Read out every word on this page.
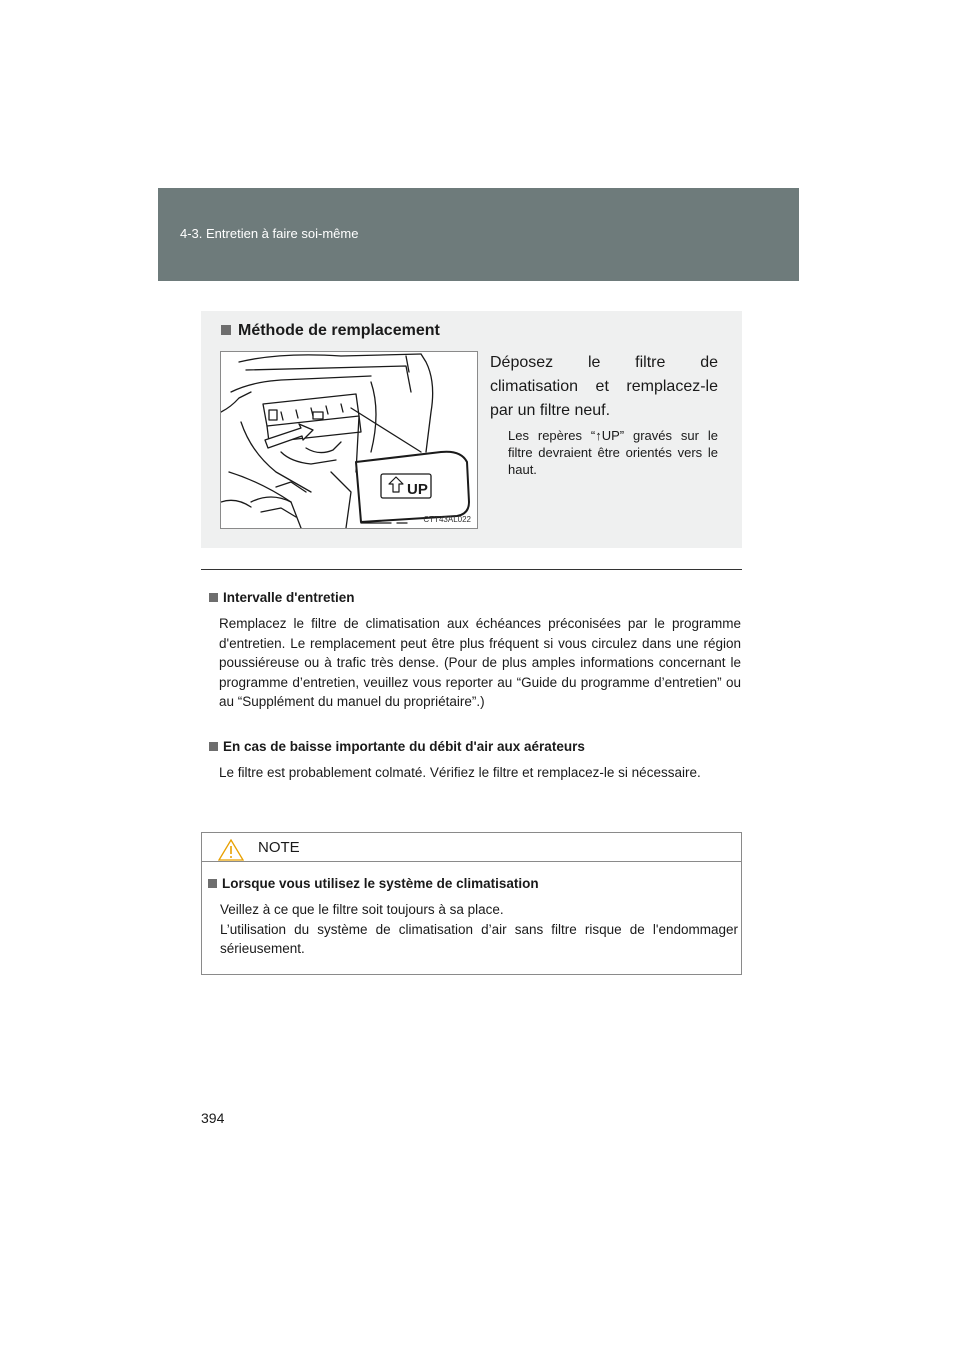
4-3. Entretien à faire soi-même
Méthode de remplacement
UP
CTT43AL022
Déposez le filtre de climatisation et remplacez-le par un filtre neuf.
Les repères “↑UP” gravés sur le filtre devraient être orientés vers le haut.
Intervalle d'entretien
Remplacez le filtre de climatisation aux échéances préconisées par le programme d'entretien. Le remplacement peut être plus fréquent si vous circulez dans une région poussiéreuse ou à trafic très dense. (Pour de plus amples informations concernant le programme d’entretien, veuillez vous reporter au “Guide du programme d’entretien” ou au “Supplément du manuel du propriétaire”.)
En cas de baisse importante du débit d'air aux aérateurs
Le filtre est probablement colmaté. Vérifiez le filtre et remplacez-le si nécessaire.
NOTE
Lorsque vous utilisez le système de climatisation
Veillez à ce que le filtre soit toujours à sa place.
L’utilisation du système de climatisation d’air sans filtre risque de l'endommager sérieusement.
394
